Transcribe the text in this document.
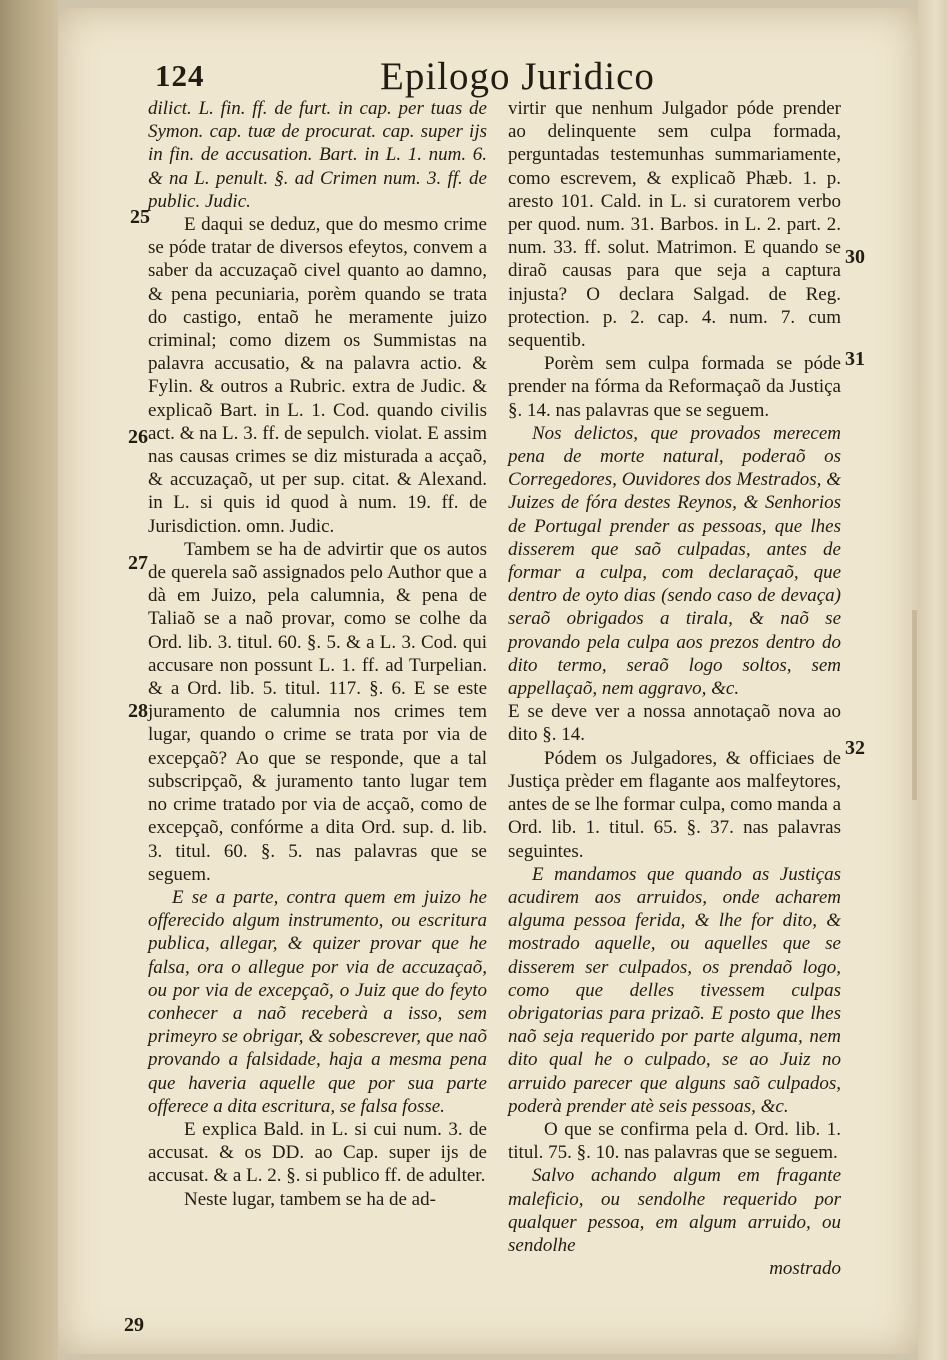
124	Epilogo Juridico
25
26
27
28
29
30
31
32

dilict. L. fin. ff. de furt. in cap. per tuas de Symon. cap. tuæ de procurat. cap. super ijs in fin. de accusation. Bart. in L. 1. num. 6. & na L. penult. §. ad Crimen num. 3. ff. de public. Judic.

E daqui se deduz, que do mesmo crime se póde tratar de diversos efeytos, convem a saber da accuzaçaõ civel quanto ao damno, & pena pecuniaria, porèm quando se trata do castigo, entaõ he meramente juizo criminal; como dizem os Summistas na palavra accusatio, & na palavra actio. & Fylin. & outros a Rubric. extra de Judic. & explicaõ Bart. in L. 1. Cod. quando civilis act. & na L. 3. ff. de sepulch. violat. E assim nas causas crimes se diz misturada a acçaõ, & accuzaçaõ, ut per sup. citat. & Alexand. in L. si quis id quod à num. 19. ff. de Jurisdiction. omn. Judic.

Tambem se ha de advirtir que os autos de querela saõ assignados pelo Author que a dà em Juizo, pela calumnia, & pena de Taliaõ se a naõ provar, como se colhe da Ord. lib. 3. titul. 60. §. 5. & a L. 3. Cod. qui accusare non possunt L. 1. ff. ad Turpelian. & a Ord. lib. 5. titul. 117. §. 6. E se este juramento de calumnia nos crimes tem lugar, quando o crime se trata por via de excepçaõ? Ao que se responde, que a tal subscripçaõ, & juramento tanto lugar tem no crime tratado por via de acçaõ, como de excepçaõ, confórme a dita Ord. sup. d. lib. 3. titul. 60. §. 5. nas palavras que se seguem.

E se a parte, contra quem em juizo he offerecido algum instrumento, ou escritura publica, allegar, & quizer provar que he falsa, ora o allegue por via de accuzaçaõ, ou por via de excepçaõ, o Juiz que do feyto conhecer a naõ receberà a isso, sem primeyro se obrigar, & sobescrever, que naõ provando a falsidade, haja a mesma pena que haveria aquelle que por sua parte offerece a dita escritura, se falsa fosse.

E explica Bald. in L. si cui num. 3. de accusat. & os DD. ao Cap. super ijs de accusat. & a L. 2. §. si publico ff. de adulter.

Neste lugar, tambem se ha de ad-

virtir que nenhum Julgador póde prender ao delinquente sem culpa formada, perguntadas testemunhas summariamente, como escrevem, & explicaõ Phæb. 1. p. aresto 101. Cald. in L. si curatorem verbo per quod. num. 31. Barbos. in L. 2. part. 2. num. 33. ff. solut. Matrimon. E quando se diraõ causas para que seja a captura injusta? O declara Salgad. de Reg. protection. p. 2. cap. 4. num. 7. cum sequentib.

Porèm sem culpa formada se póde prender na fórma da Reformaçaõ da Justiça §. 14. nas palavras que se seguem.

Nos delictos, que provados merecem pena de morte natural, poderaõ os Corregedores, Ouvidores dos Mestrados, & Juizes de fóra destes Reynos, & Senhorios de Portugal prender as pessoas, que lhes disserem que saõ culpadas, antes de formar a culpa, com declaraçaõ, que dentro de oyto dias (sendo caso de devaça) seraõ obrigados a tirala, & naõ se provando pela culpa aos prezos dentro do dito termo, seraõ logo soltos, sem appellaçaõ, nem aggravo, &c.

E se deve ver a nossa annotaçaõ nova ao dito §. 14.

Pódem os Julgadores, & officiaes de Justiça prèder em flagante aos malfeytores, antes de se lhe formar culpa, como manda a Ord. lib. 1. titul. 65. §. 37. nas palavras seguintes.

E mandamos que quando as Justiças acudirem aos arruidos, onde acharem alguma pessoa ferida, & lhe for dito, & mostrado aquelle, ou aquelles que se disserem ser culpados, os prendaõ logo, como que delles tivessem culpas obrigatorias para prizaõ. E posto que lhes naõ seja requerido por parte alguma, nem dito qual he o culpado, se ao Juiz no arruido parecer que alguns saõ culpados, poderà prender atè seis pessoas, &c.

O que se confirma pela d. Ord. lib. 1. titul. 75. §. 10. nas palavras que se seguem.

Salvo achando algum em fragante maleficio, ou sendolhe requerido por qualquer pessoa, em algum arruido, ou sendolhe

mostrado
